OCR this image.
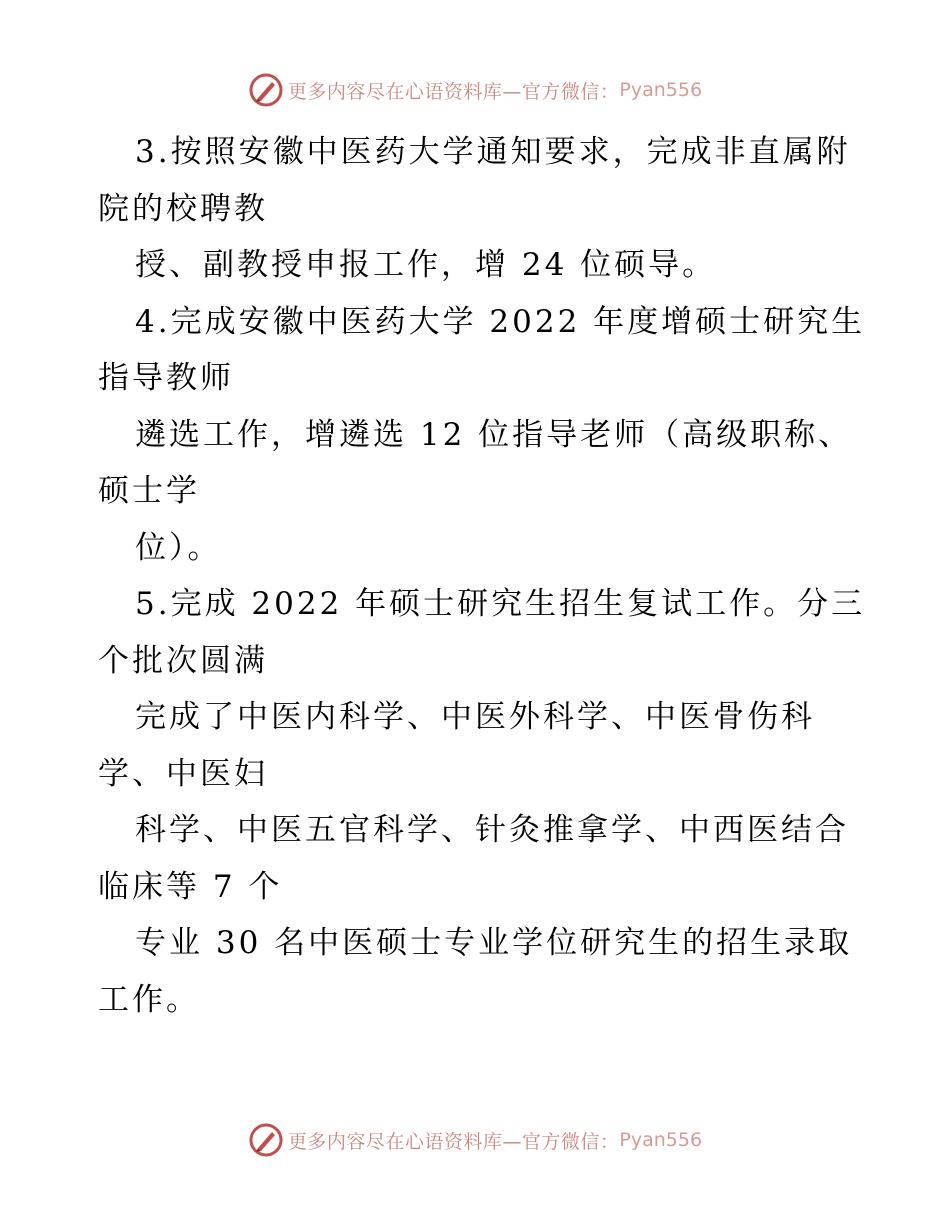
更多内容尽在心语资料库—官方微信： Pyan556
3.按照安徽中医药大学通知要求，完成非直属附
院的校聘教
授、副教授申报工作，增 24 位硕导。
4.完成安徽中医药大学 2022 年度增硕士研究生
指导教师
遴选工作，增遴选 12 位指导老师（高级职称、
硕士学
位）。
5.完成 2022 年硕士研究生招生复试工作。分三
个批次圆满
完成了中医内科学、中医外科学、中医骨伤科
学、中医妇
科学、中医五官科学、针灸推拿学、中西医结合
临床等 7 个
专业 30 名中医硕士专业学位研究生的招生录取
工作。
更多内容尽在心语资料库—官方微信： Pyan556
